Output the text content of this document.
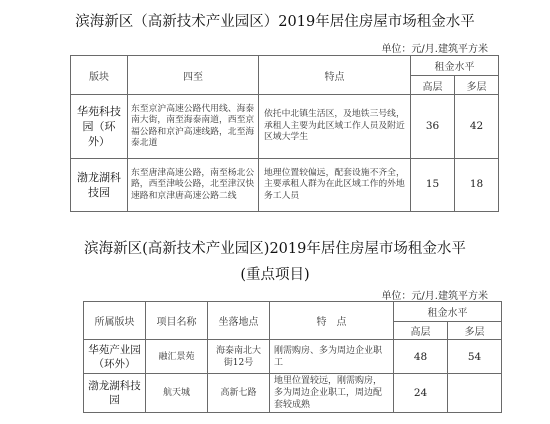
滨海新区（高新技术产业园区）2019年居住房屋市场租金水平
单位：元/月.建筑平方米
版块	四至	特点	租金水平	
			高层	多层
华苑科技园（环外）	东至京沪高速公路代用线、海泰南大街，南至海泰南道，西至京福公路和京沪高速线路，北至海泰北道	依托中北镇生活区，及地铁三号线，承租人主要为此区域工作人员及附近区域大学生	36	42
渤龙湖科技园	东至唐津高速公路，南至杨北公路，西至津岐公路，北至津汉快速路和京津唐高速公路二线	地理位置较偏远，配套设施不齐全，主要承租人群为在此区域工作的外地务工人员	15	18
滨海新区(高新技术产业园区)2019年居住房屋市场租金水平
(重点项目)
单位：元/月.建筑平方米
所属版块	项目名称	坐落地点	特　点	租金水平	
				高层	多层
华苑产业园（环外）	融汇景苑	海泰南北大街12号	刚需购房、多为周边企业职工	48	54
渤龙湖科技园	航天城	高新七路	地里位置较远，刚需购房，多为周边企业职工，周边配套较成熟	24	
